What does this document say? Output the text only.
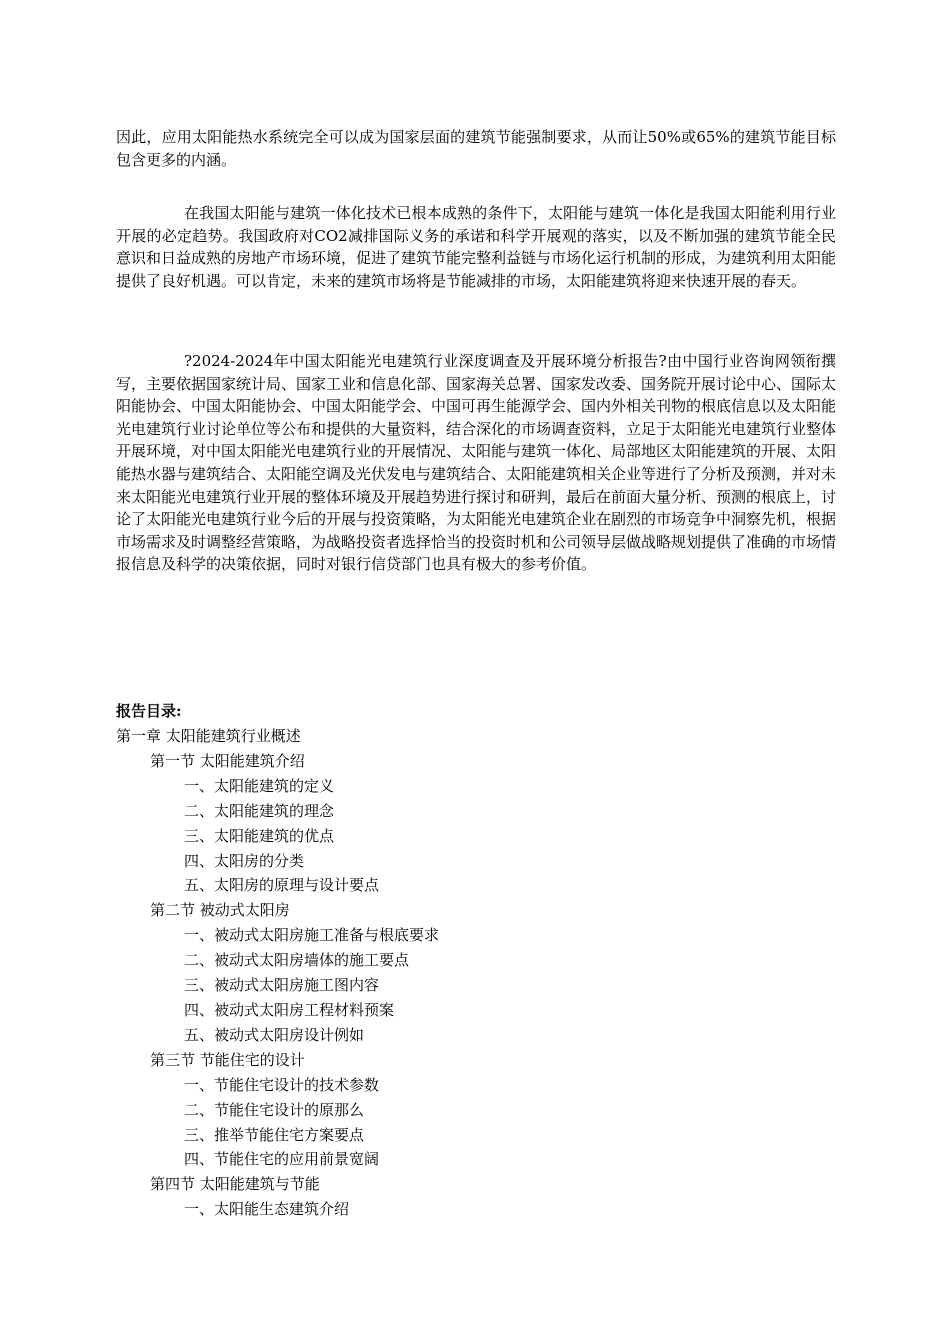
因此，应用太阳能热水系统完全可以成为国家层面的建筑节能强制要求，从而让50%或65%的建筑节能目标包含更多的内涵。

在我国太阳能与建筑一体化技术已根本成熟的条件下，太阳能与建筑一体化是我国太阳能利用行业开展的必定趋势。我国政府对CO2减排国际义务的承诺和科学开展观的落实，以及不断加强的建筑节能全民意识和日益成熟的房地产市场环境，促进了建筑节能完整利益链与市场化运行机制的形成，为建筑利用太阳能提供了良好机遇。可以肯定，未来的建筑市场将是节能减排的市场，太阳能建筑将迎来快速开展的春天。

?2024-2024年中国太阳能光电建筑行业深度调查及开展环境分析报告?由中国行业咨询网领衔撰写，主要依据国家统计局、国家工业和信息化部、国家海关总署、国家发改委、国务院开展讨论中心、国际太阳能协会、中国太阳能协会、中国太阳能学会、中国可再生能源学会、国内外相关刊物的根底信息以及太阳能光电建筑行业讨论单位等公布和提供的大量资料，结合深化的市场调查资料，立足于太阳能光电建筑行业整体开展环境，对中国太阳能光电建筑行业的开展情况、太阳能与建筑一体化、局部地区太阳能建筑的开展、太阳能热水器与建筑结合、太阳能空调及光伏发电与建筑结合、太阳能建筑相关企业等进行了分析及预测，并对未来太阳能光电建筑行业开展的整体环境及开展趋势进行探讨和研判，最后在前面大量分析、预测的根底上，讨论了太阳能光电建筑行业今后的开展与投资策略，为太阳能光电建筑企业在剧烈的市场竞争中洞察先机，根据市场需求及时调整经营策略，为战略投资者选择恰当的投资时机和公司领导层做战略规划提供了准确的市场情报信息及科学的决策依据，同时对银行信贷部门也具有极大的参考价值。

报告目录:
第一章 太阳能建筑行业概述
第一节 太阳能建筑介绍
一、太阳能建筑的定义
二、太阳能建筑的理念
三、太阳能建筑的优点
四、太阳房的分类
五、太阳房的原理与设计要点
第二节 被动式太阳房
一、被动式太阳房施工准备与根底要求
二、被动式太阳房墙体的施工要点
三、被动式太阳房施工图内容
四、被动式太阳房工程材料预案
五、被动式太阳房设计例如
第三节 节能住宅的设计
一、节能住宅设计的技术参数
二、节能住宅设计的原那么
三、推举节能住宅方案要点
四、节能住宅的应用前景宽阔
第四节 太阳能建筑与节能
一、太阳能生态建筑介绍
